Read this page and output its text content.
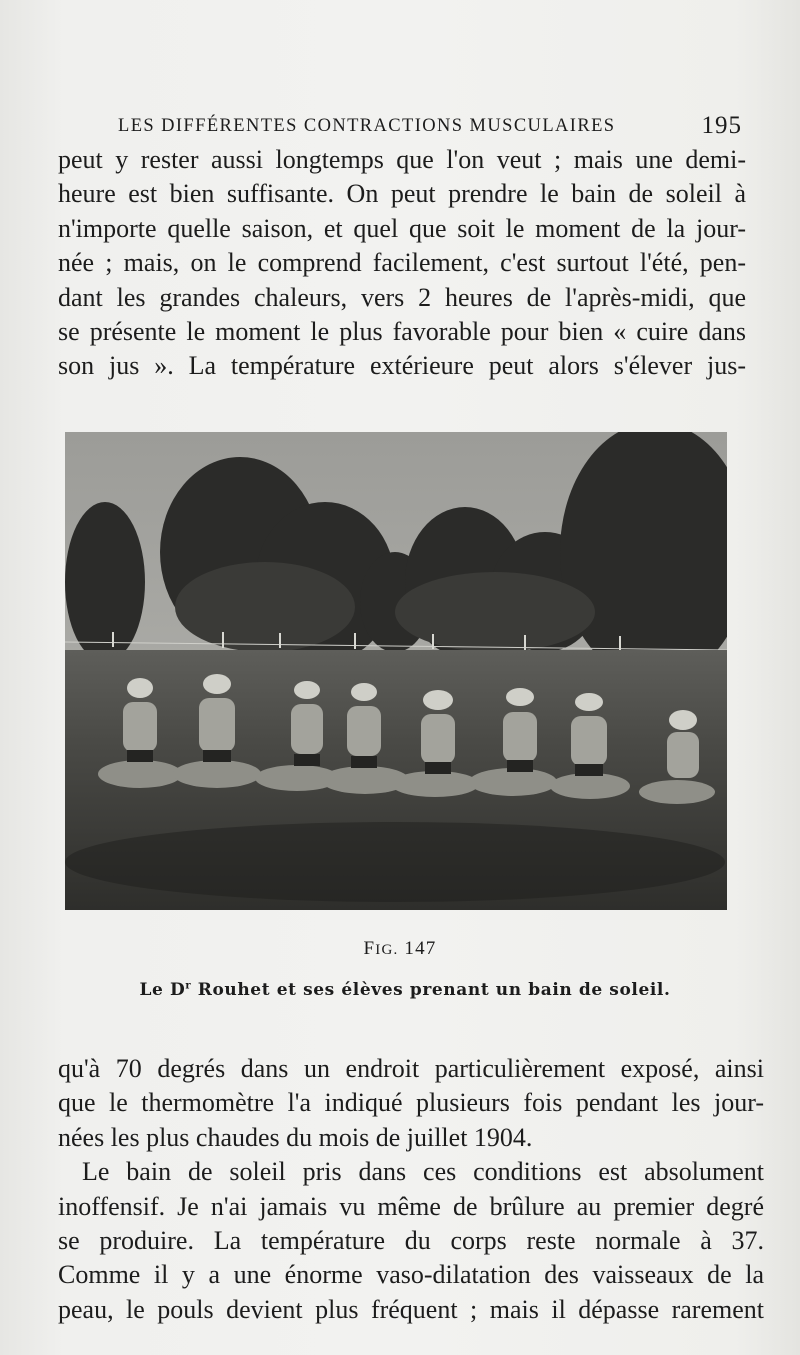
LES DIFFÉRENTES CONTRACTIONS MUSCULAIRES	195
peut y rester aussi longtemps que l'on veut ; mais une demi-
heure est bien suffisante. On peut prendre le bain de soleil à
n'importe quelle saison, et quel que soit le moment de la jour-
née ; mais, on le comprend facilement, c'est surtout l'été, pen-
dant les grandes chaleurs, vers 2 heures de l'après-midi, que
se présente le moment le plus favorable pour bien « cuire dans
son jus ». La température extérieure peut alors s'élever jus-
FIG. 147
Le $D^r$ Rouhet et ses élèves prenant un bain de soleil.
qu'à 70 degrés dans un endroit particulièrement exposé, ainsi
que le thermomètre l'a indiqué plusieurs fois pendant les jour-
nées les plus chaudes du mois de juillet 1904.
Le bain de soleil pris dans ces conditions est absolument
inoffensif. Je n'ai jamais vu même de brûlure au premier degré
se produire. La température du corps reste normale à 37.
Comme il y a une énorme vaso-dilatation des vaisseaux de la
peau, le pouls devient plus fréquent ; mais il dépasse rarement
